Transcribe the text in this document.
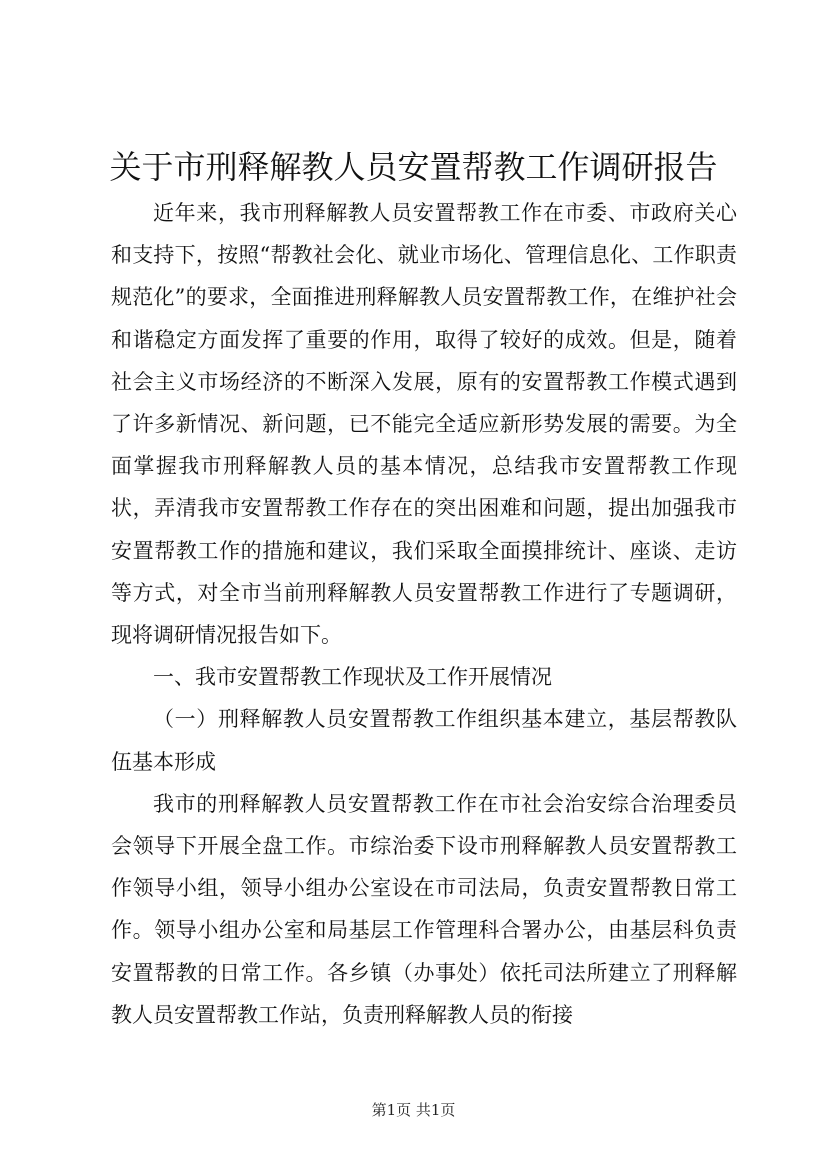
关于市刑释解教人员安置帮教工作调研报告

近年来，我市刑释解教人员安置帮教工作在市委、市政府关心和支持下，按照“帮教社会化、就业市场化、管理信息化、工作职责规范化”的要求，全面推进刑释解教人员安置帮教工作，在维护社会和谐稳定方面发挥了重要的作用，取得了较好的成效。但是，随着社会主义市场经济的不断深入发展，原有的安置帮教工作模式遇到了许多新情况、新问题，已不能完全适应新形势发展的需要。为全面掌握我市刑释解教人员的基本情况，总结我市安置帮教工作现状，弄清我市安置帮教工作存在的突出困难和问题，提出加强我市安置帮教工作的措施和建议，我们采取全面摸排统计、座谈、走访等方式，对全市当前刑释解教人员安置帮教工作进行了专题调研，现将调研情况报告如下。

一、我市安置帮教工作现状及工作开展情况

（一）刑释解教人员安置帮教工作组织基本建立，基层帮教队伍基本形成

我市的刑释解教人员安置帮教工作在市社会治安综合治理委员会领导下开展全盘工作。市综治委下设市刑释解教人员安置帮教工作领导小组，领导小组办公室设在市司法局，负责安置帮教日常工作。领导小组办公室和局基层工作管理科合署办公，由基层科负责安置帮教的日常工作。各乡镇（办事处）依托司法所建立了刑释解教人员安置帮教工作站，负责刑释解教人员的衔接

第1页 共1页
